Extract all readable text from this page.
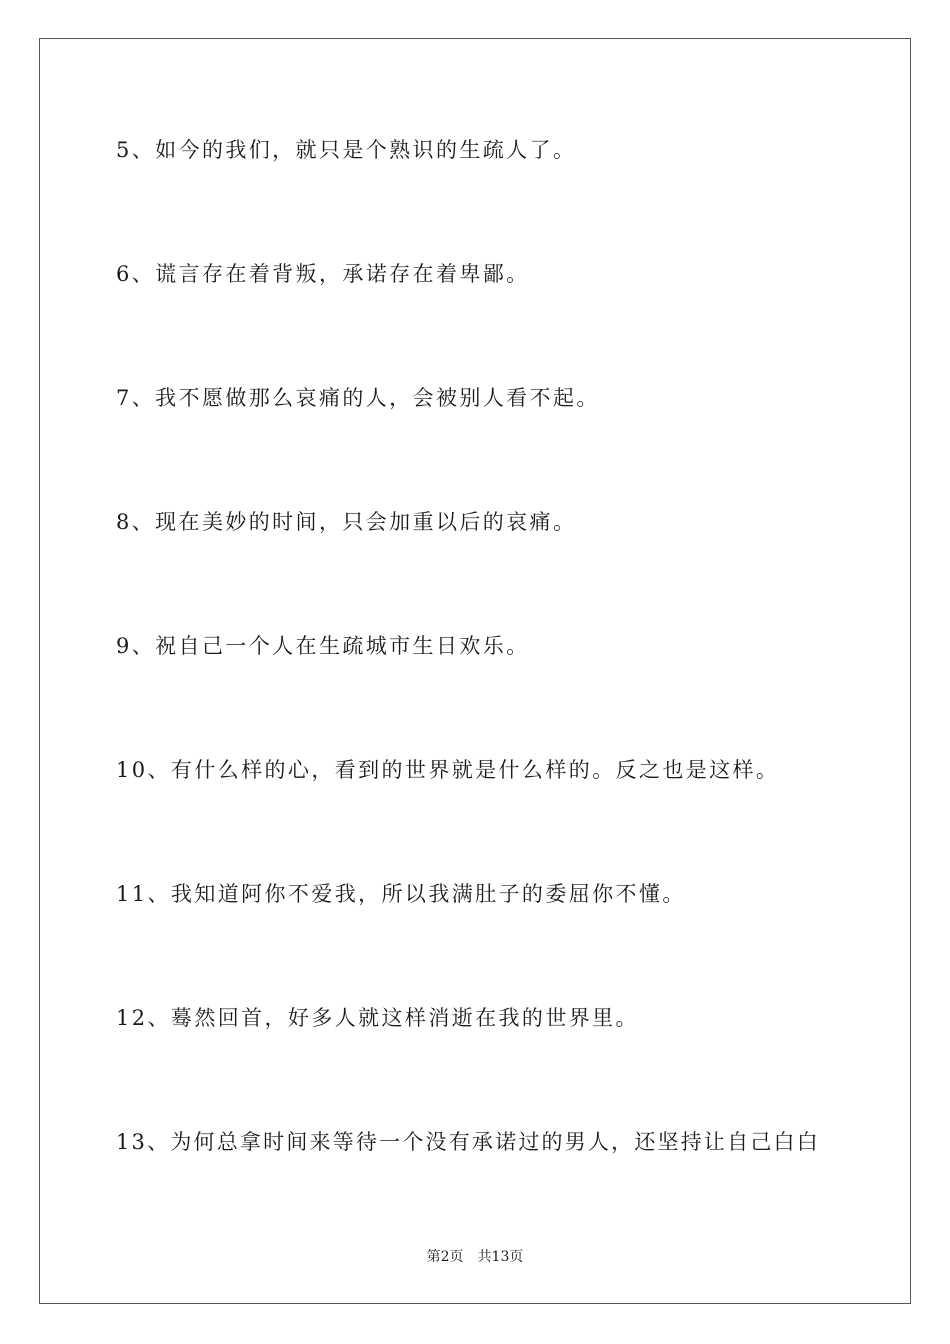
5、如今的我们，就只是个熟识的生疏人了。
6、谎言存在着背叛，承诺存在着卑鄙。
7、我不愿做那么哀痛的人，会被别人看不起。
8、现在美妙的时间，只会加重以后的哀痛。
9、祝自己一个人在生疏城市生日欢乐。
10、有什么样的心，看到的世界就是什么样的。反之也是这样。
11、我知道阿你不爱我，所以我满肚子的委屈你不懂。
12、蓦然回首，好多人就这样消逝在我的世界里。
13、为何总拿时间来等待一个没有承诺过的男人，还坚持让自己白白
第2页 共13页
